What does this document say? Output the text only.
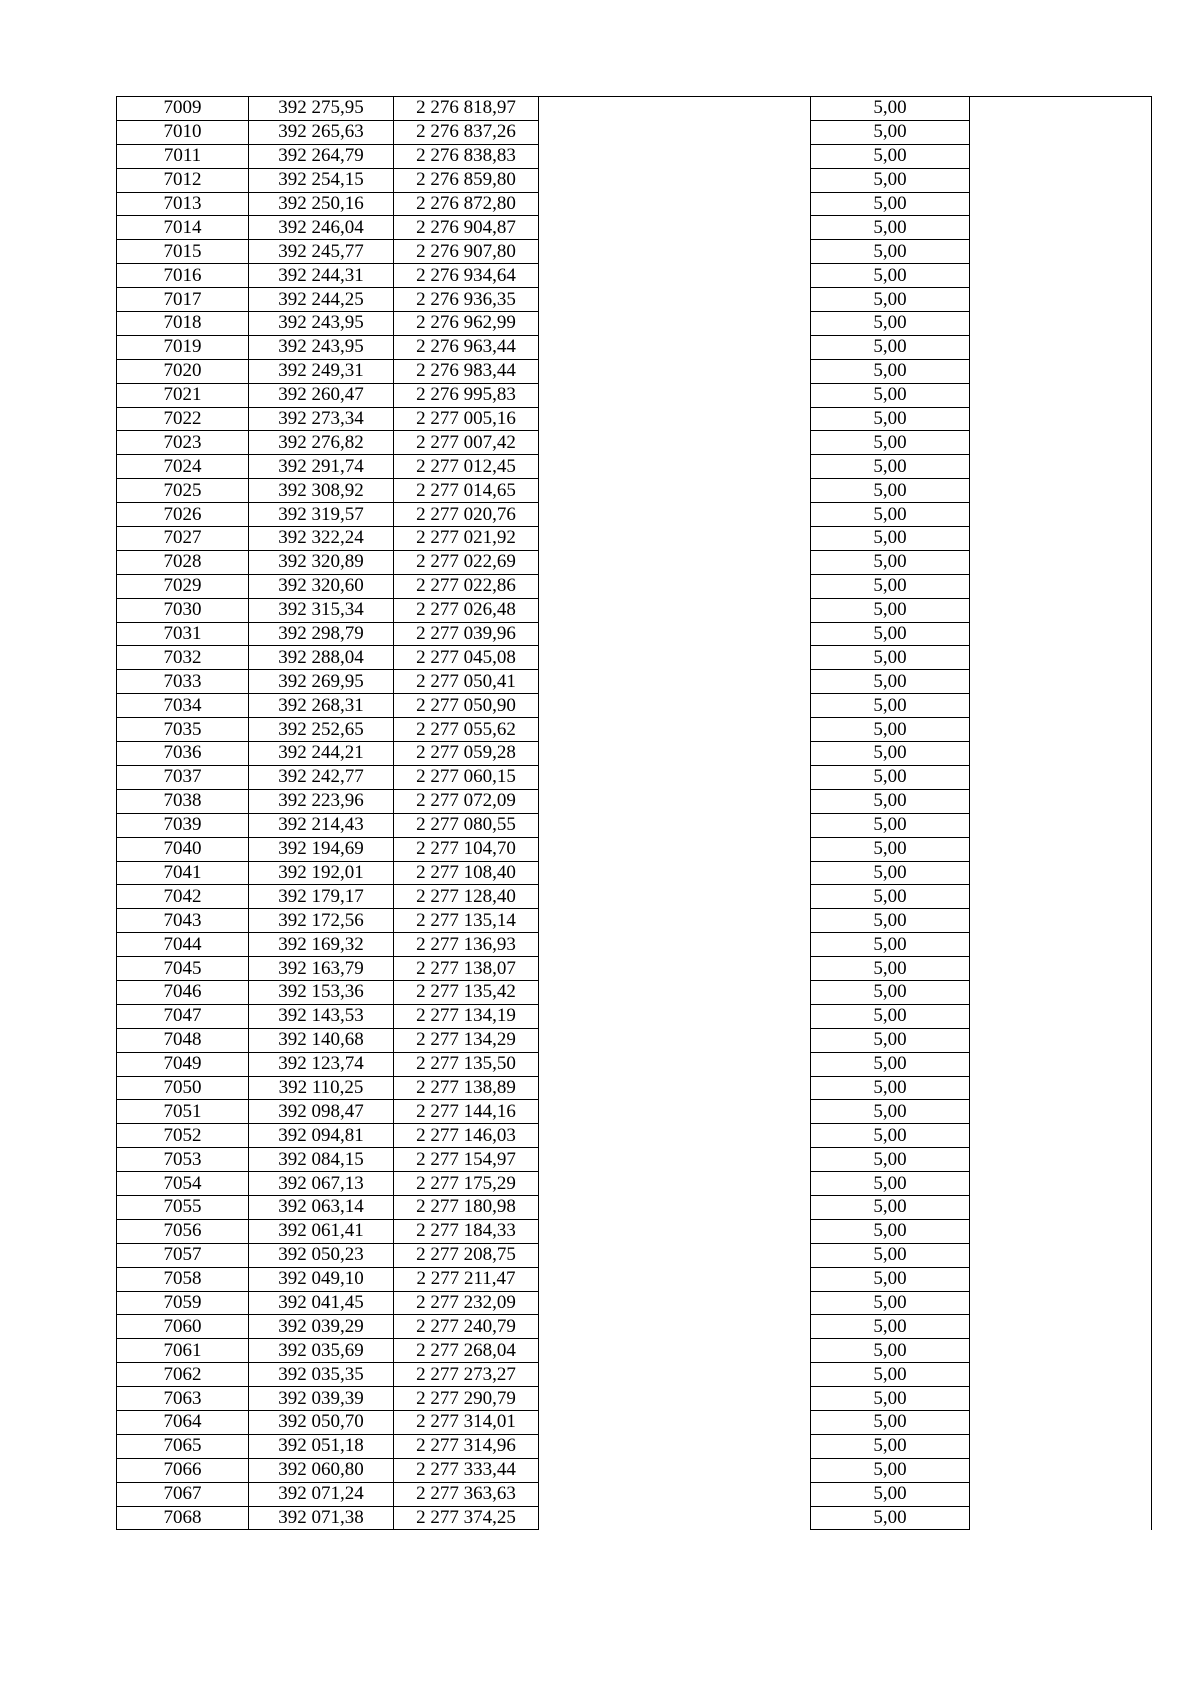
7009	392 275,95	2 276 818,97		5,00	
7010	392 265,63	2 276 837,26		5,00	
7011	392 264,79	2 276 838,83		5,00	
7012	392 254,15	2 276 859,80		5,00	
7013	392 250,16	2 276 872,80		5,00	
7014	392 246,04	2 276 904,87		5,00	
7015	392 245,77	2 276 907,80		5,00	
7016	392 244,31	2 276 934,64		5,00	
7017	392 244,25	2 276 936,35		5,00	
7018	392 243,95	2 276 962,99		5,00	
7019	392 243,95	2 276 963,44		5,00	
7020	392 249,31	2 276 983,44		5,00	
7021	392 260,47	2 276 995,83		5,00	
7022	392 273,34	2 277 005,16		5,00	
7023	392 276,82	2 277 007,42		5,00	
7024	392 291,74	2 277 012,45		5,00	
7025	392 308,92	2 277 014,65		5,00	
7026	392 319,57	2 277 020,76		5,00	
7027	392 322,24	2 277 021,92		5,00	
7028	392 320,89	2 277 022,69		5,00	
7029	392 320,60	2 277 022,86		5,00	
7030	392 315,34	2 277 026,48		5,00	
7031	392 298,79	2 277 039,96		5,00	
7032	392 288,04	2 277 045,08		5,00	
7033	392 269,95	2 277 050,41		5,00	
7034	392 268,31	2 277 050,90		5,00	
7035	392 252,65	2 277 055,62		5,00	
7036	392 244,21	2 277 059,28		5,00	
7037	392 242,77	2 277 060,15		5,00	
7038	392 223,96	2 277 072,09		5,00	
7039	392 214,43	2 277 080,55		5,00	
7040	392 194,69	2 277 104,70		5,00	
7041	392 192,01	2 277 108,40		5,00	
7042	392 179,17	2 277 128,40		5,00	
7043	392 172,56	2 277 135,14		5,00	
7044	392 169,32	2 277 136,93		5,00	
7045	392 163,79	2 277 138,07		5,00	
7046	392 153,36	2 277 135,42		5,00	
7047	392 143,53	2 277 134,19		5,00	
7048	392 140,68	2 277 134,29		5,00	
7049	392 123,74	2 277 135,50		5,00	
7050	392 110,25	2 277 138,89		5,00	
7051	392 098,47	2 277 144,16		5,00	
7052	392 094,81	2 277 146,03		5,00	
7053	392 084,15	2 277 154,97		5,00	
7054	392 067,13	2 277 175,29		5,00	
7055	392 063,14	2 277 180,98		5,00	
7056	392 061,41	2 277 184,33		5,00	
7057	392 050,23	2 277 208,75		5,00	
7058	392 049,10	2 277 211,47		5,00	
7059	392 041,45	2 277 232,09		5,00	
7060	392 039,29	2 277 240,79		5,00	
7061	392 035,69	2 277 268,04		5,00	
7062	392 035,35	2 277 273,27		5,00	
7063	392 039,39	2 277 290,79		5,00	
7064	392 050,70	2 277 314,01		5,00	
7065	392 051,18	2 277 314,96		5,00	
7066	392 060,80	2 277 333,44		5,00	
7067	392 071,24	2 277 363,63		5,00	
7068	392 071,38	2 277 374,25		5,00	
